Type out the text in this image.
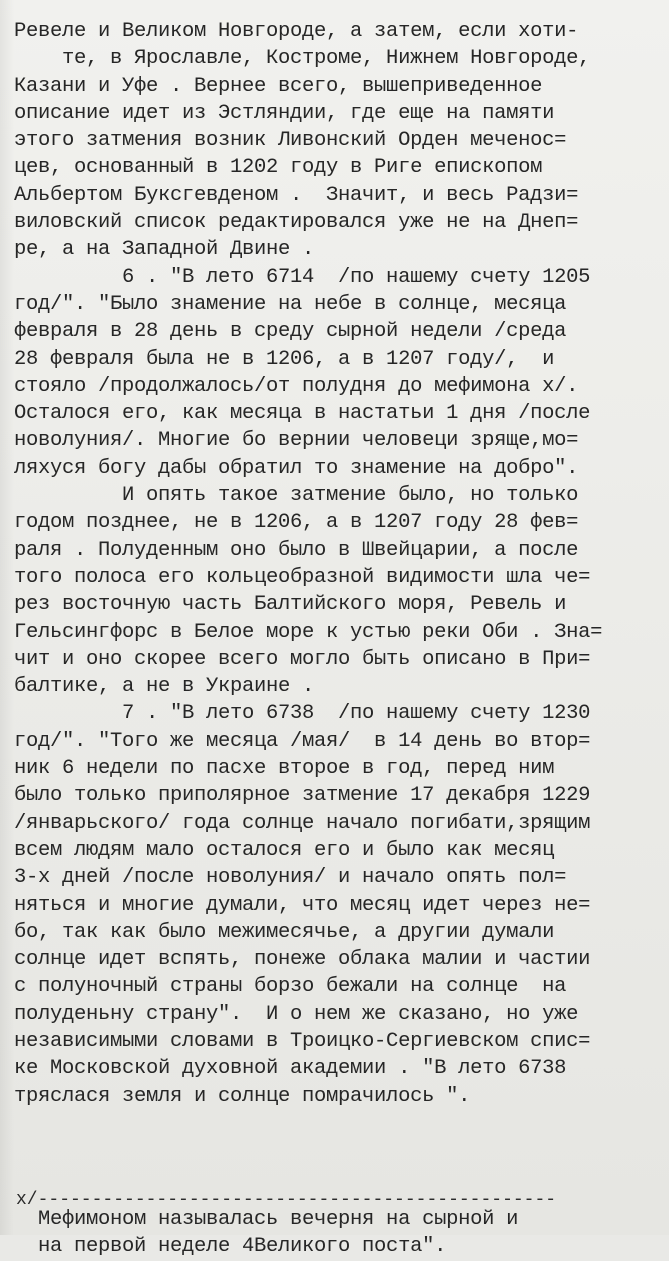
Ревеле и Великом Новгороде, а затем, если хоти-
те, в Ярославле, Костроме, Нижнем Новгороде,
Казани и Уфе . Вернее всего, вышеприведенное
описание идет из Эстляндии, где еще на памяти
этого затмения возник Ливонский Орден меченос=
цев, основанный в 1202 году в Риге епископом
Альбертом Буксгевденом .  Значит, и весь Радзи=
виловский список редактировался уже не на Днеп=
ре, а на Западной Двине .
6 . "В лето 6714  /по нашему счету 1205
год/". "Было знамение на небе в солнце, месяца
февраля в 28 день в среду сырной недели /среда
28 февраля была не в 1206, а в 1207 году/,  и
стояло /продолжалось/от полудня до мефимона х/.
Осталося его, как месяца в настатьи 1 дня /после
новолуния/. Многие бо вернии человеци зряще,мо=
ляхуся богу дабы обратил то знамение на добро".
И опять такое затмение было, но только
годом позднее, не в 1206, а в 1207 году 28 фев=
раля . Полуденным оно было в Швейцарии, а после
того полоса его кольцеобразной видимости шла че=
рез восточную часть Балтийского моря, Ревель и
Гельсингфорс в Белое море к устью реки Оби . Зна=
чит и оно скорее всего могло быть описано в При=
балтике, а не в Украине .
7 . "В лето 6738  /по нашему счету 1230
год/". "Того же месяца /мая/  в 14 день во втор=
ник 6 недели по пасхе второе в год, перед ним
было только приполярное затмение 17 декабря 1229
/январьского/ года солнце начало погибати,зрящим
всем людям мало осталося его и было как месяц
3-х дней /после новолуния/ и начало опять пол=
няться и многие думали, что месяц идет через не=
бо, так как было межимесячье, а другии думали
солнце идет вспять, понеже облака малии и частии
с полуночный страны борзо бежали на солнце  на
полуденьну страну".  И о нем же сказано, но уже
независимыми словами в Троицко-Сергиевском спис=
ке Московской духовной академии . "В лето 6738
тряслася земля и солнце помрачилось ".
х/------------------------------------------------
Мефимоном называлась вечерня на сырной и
на первой неделе 4Великого поста".
